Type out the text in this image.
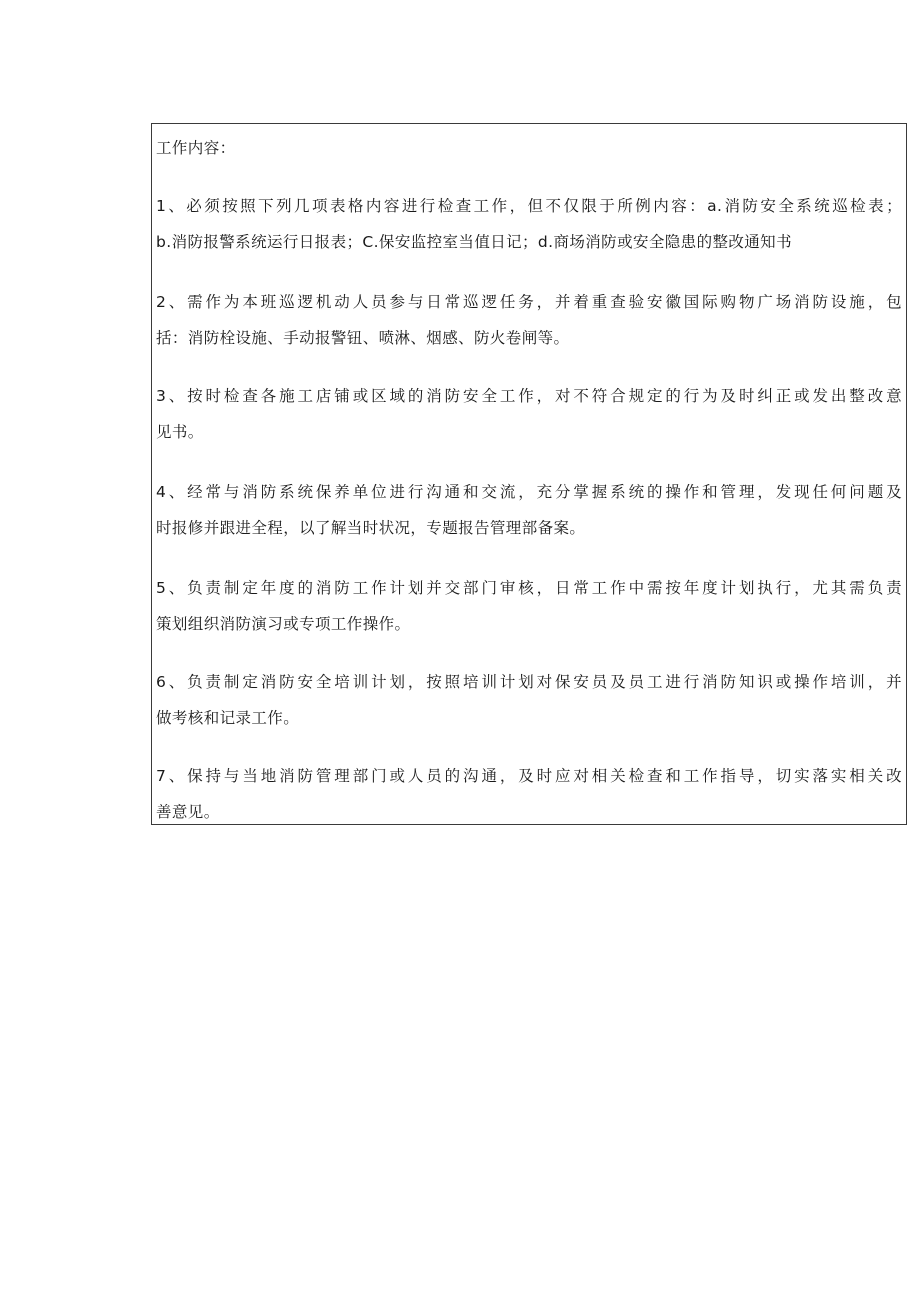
工作内容：
1、必须按照下列几项表格内容进行检查工作，但不仅限于所例内容：a.消防安全系统巡检表；
b.消防报警系统运行日报表；C.保安监控室当值日记；d.商场消防或安全隐患的整改通知书
2、需作为本班巡逻机动人员参与日常巡逻任务，并着重查验安徽国际购物广场消防设施，包
括：消防栓设施、手动报警钮、喷淋、烟感、防火卷闸等。
3、按时检查各施工店铺或区域的消防安全工作，对不符合规定的行为及时纠正或发出整改意
见书。
4、经常与消防系统保养单位进行沟通和交流，充分掌握系统的操作和管理，发现任何问题及
时报修并跟进全程，以了解当时状况，专题报告管理部备案。
5、负责制定年度的消防工作计划并交部门审核，日常工作中需按年度计划执行，尤其需负责
策划组织消防演习或专项工作操作。
6、负责制定消防安全培训计划，按照培训计划对保安员及员工进行消防知识或操作培训，并
做考核和记录工作。
7、保持与当地消防管理部门或人员的沟通，及时应对相关检查和工作指导，切实落实相关改
善意见。
